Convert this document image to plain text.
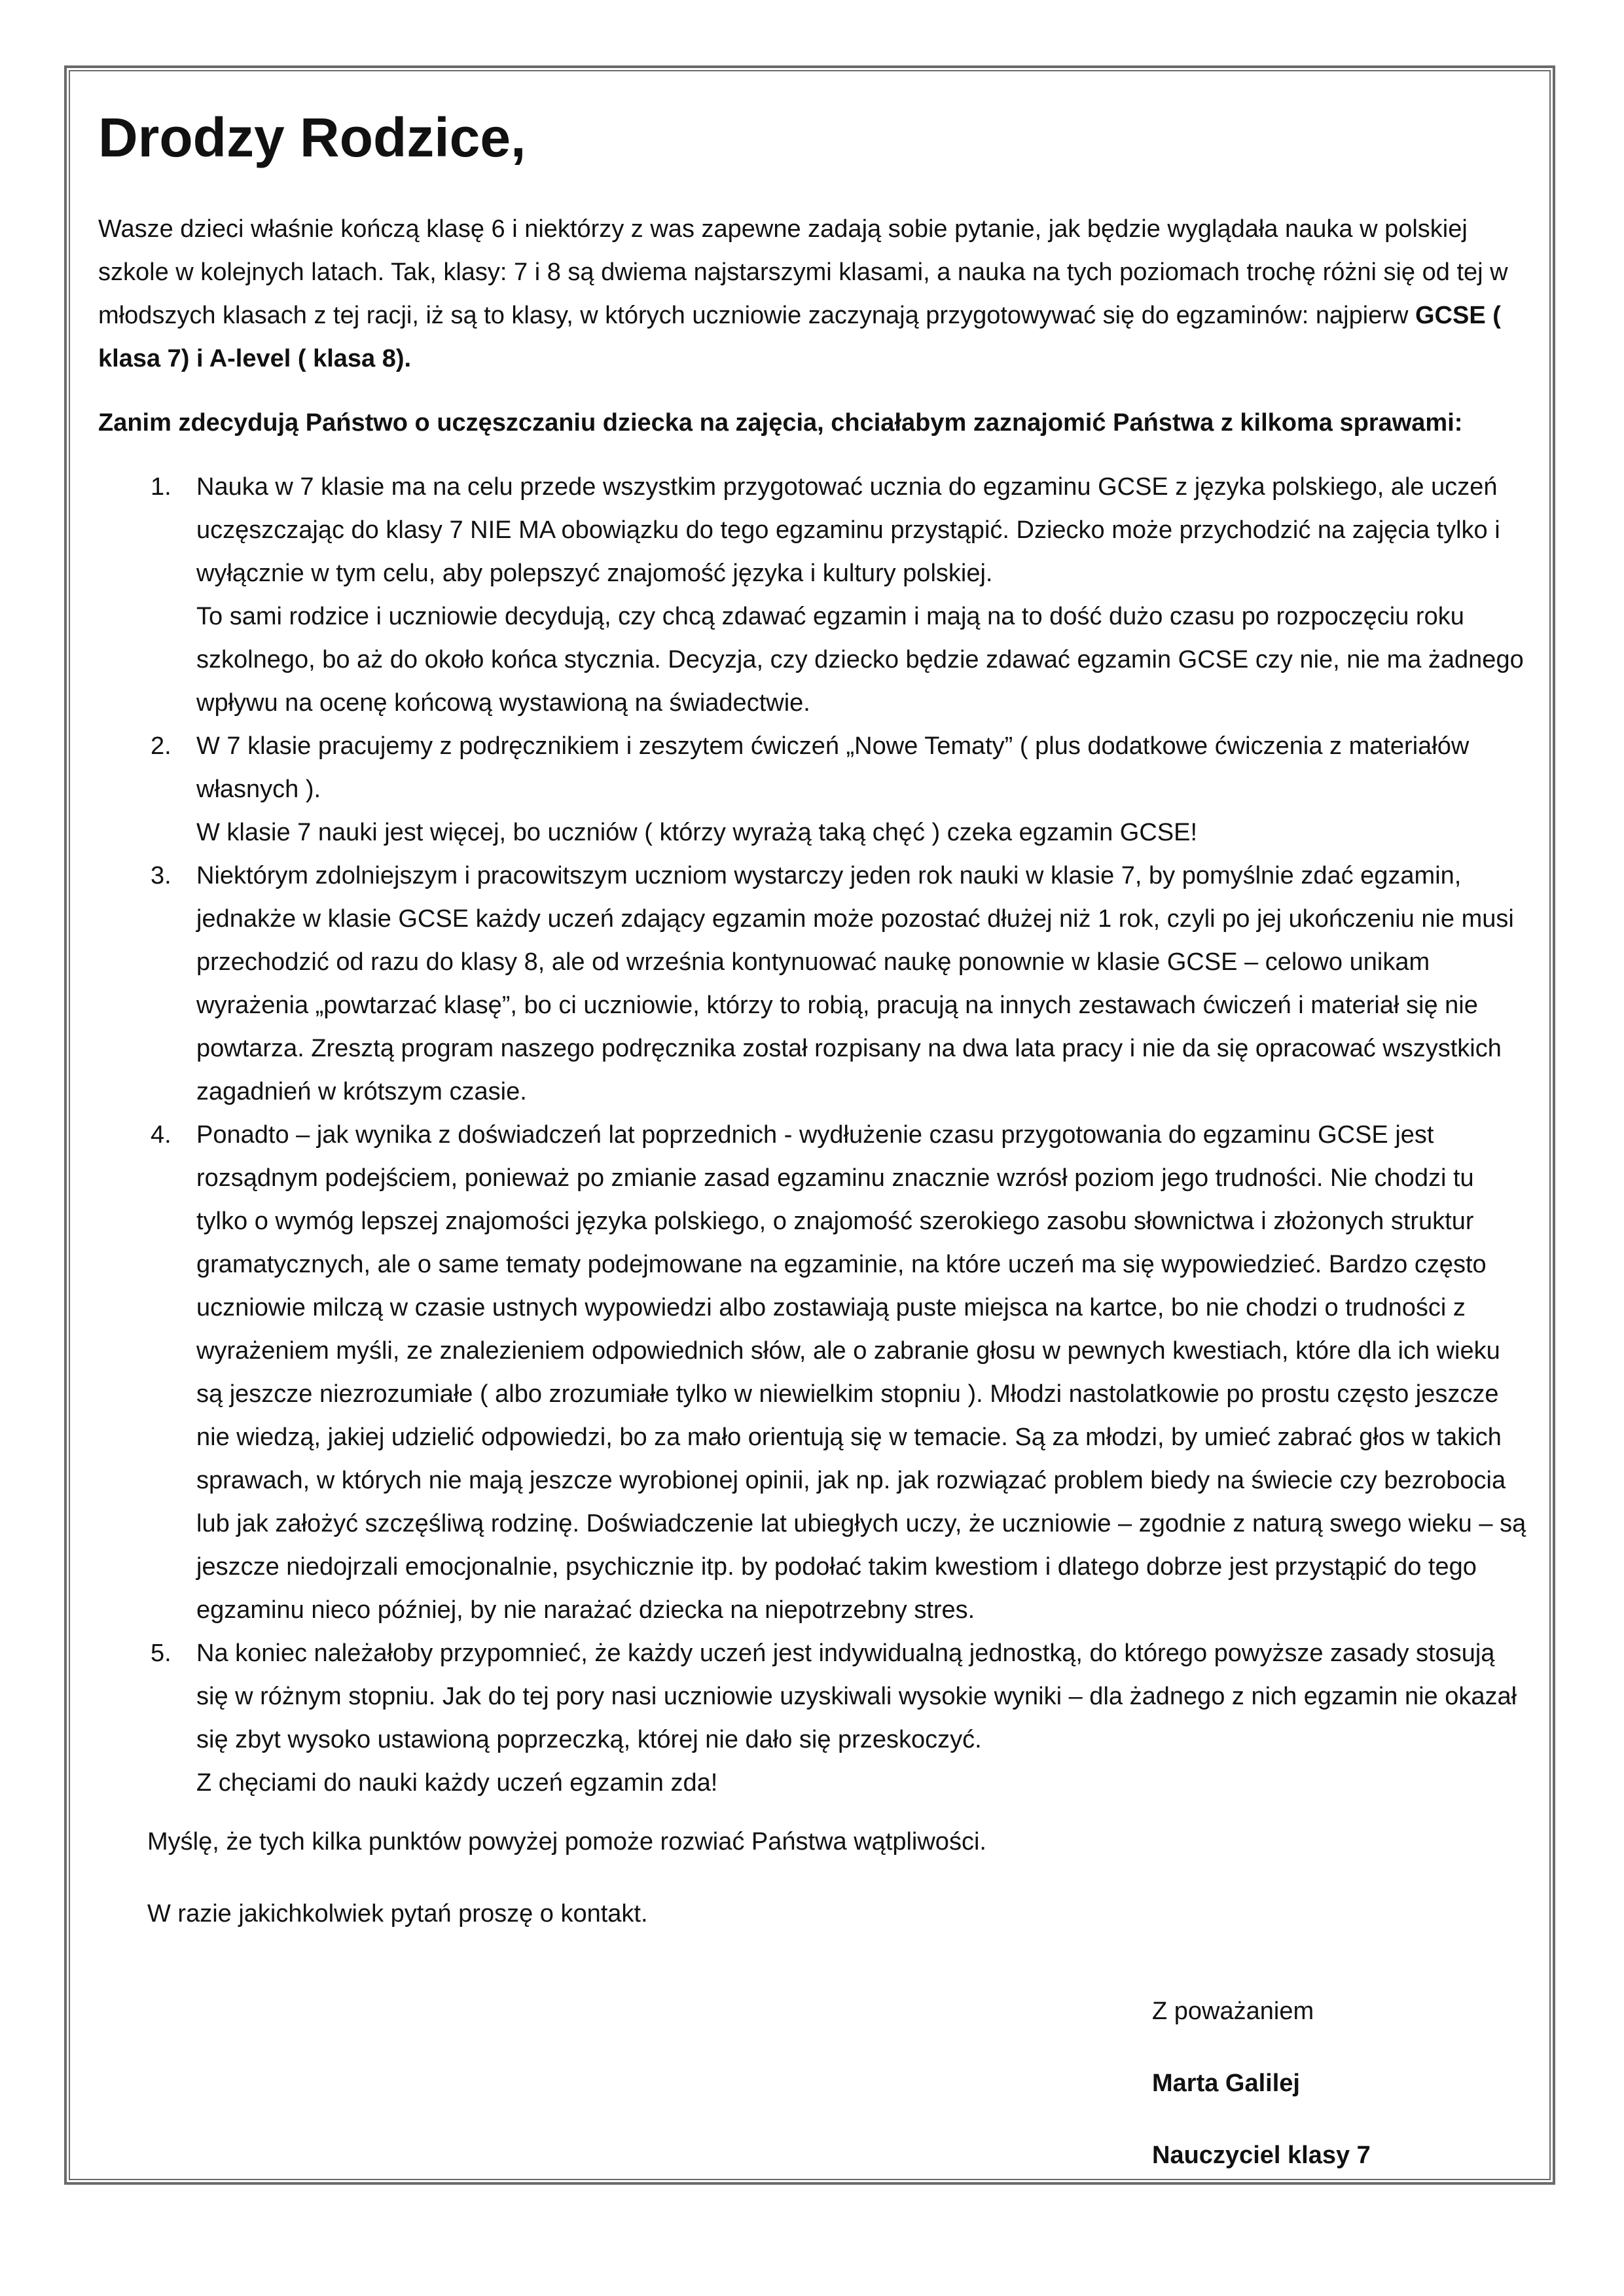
Drodzy Rodzice,

Wasze dzieci właśnie kończą klasę 6 i niektórzy z was zapewne zadają sobie pytanie, jak będzie wyglądała nauka w polskiej szkole w kolejnych latach. Tak, klasy: 7 i 8 są dwiema najstarszymi klasami, a nauka na tych poziomach trochę różni się od tej w młodszych klasach z tej racji, iż są to klasy, w których uczniowie zaczynają przygotowywać się do egzaminów: najpierw GCSE ( klasa 7) i A-level ( klasa 8).

Zanim zdecydują Państwo o uczęszczaniu dziecka na zajęcia, chciałabym zaznajomić Państwa z kilkoma sprawami:

1. Nauka w 7 klasie ma na celu przede wszystkim przygotować ucznia do egzaminu GCSE z języka polskiego, ale uczeń uczęszczając do klasy 7 NIE MA obowiązku do tego egzaminu przystąpić. Dziecko może przychodzić na zajęcia tylko i wyłącznie w tym celu, aby polepszyć znajomość języka i kultury polskiej.
To sami rodzice i uczniowie decydują, czy chcą zdawać egzamin i mają na to dość dużo czasu po rozpoczęciu roku szkolnego, bo aż do około końca stycznia. Decyzja, czy dziecko będzie zdawać egzamin GCSE czy nie, nie ma żadnego wpływu na ocenę końcową wystawioną na świadectwie.
2. W 7 klasie pracujemy z podręcznikiem i zeszytem ćwiczeń „Nowe Tematy” ( plus dodatkowe ćwiczenia z materiałów własnych ).
W klasie 7 nauki jest więcej, bo uczniów ( którzy wyrażą taką chęć ) czeka egzamin GCSE!
3. Niektórym zdolniejszym i pracowitszym uczniom wystarczy jeden rok nauki w klasie 7, by pomyślnie zdać egzamin, jednakże w klasie GCSE każdy uczeń zdający egzamin może pozostać dłużej niż 1 rok, czyli po jej ukończeniu nie musi przechodzić od razu do klasy 8, ale od września kontynuować naukę ponownie w klasie GCSE – celowo unikam wyrażenia „powtarzać klasę”, bo ci uczniowie, którzy to robią, pracują na innych zestawach ćwiczeń i materiał się nie powtarza. Zresztą program naszego podręcznika został rozpisany na dwa lata pracy i nie da się opracować wszystkich zagadnień w krótszym czasie.
4. Ponadto – jak wynika z doświadczeń lat poprzednich - wydłużenie czasu przygotowania do egzaminu GCSE jest rozsądnym podejściem, ponieważ po zmianie zasad egzaminu znacznie wzrósł poziom jego trudności. Nie chodzi tu tylko o wymóg lepszej znajomości języka polskiego, o znajomość szerokiego zasobu słownictwa i złożonych struktur gramatycznych, ale o same tematy podejmowane na egzaminie, na które uczeń ma się wypowiedzieć. Bardzo często uczniowie milczą w czasie ustnych wypowiedzi albo zostawiają puste miejsca na kartce, bo nie chodzi o trudności z wyrażeniem myśli, ze znalezieniem odpowiednich słów, ale o zabranie głosu w pewnych kwestiach, które dla ich wieku są jeszcze niezrozumiałe ( albo zrozumiałe tylko w niewielkim stopniu ). Młodzi nastolatkowie po prostu często jeszcze nie wiedzą, jakiej udzielić odpowiedzi, bo za mało orientują się w temacie. Są za młodzi, by umieć zabrać głos w takich sprawach, w których nie mają jeszcze wyrobionej opinii, jak np. jak rozwiązać problem biedy na świecie czy bezrobocia lub jak założyć szczęśliwą rodzinę. Doświadczenie lat ubiegłych uczy, że uczniowie – zgodnie z naturą swego wieku – są jeszcze niedojrzali emocjonalnie, psychicznie itp. by podołać takim kwestiom i dlatego dobrze jest przystąpić do tego egzaminu nieco później, by nie narażać dziecka na niepotrzebny stres.
5. Na koniec należałoby przypomnieć, że każdy uczeń jest indywidualną jednostką, do którego powyższe zasady stosują się w różnym stopniu. Jak do tej pory nasi uczniowie uzyskiwali wysokie wyniki – dla żadnego z nich egzamin nie okazał się zbyt wysoko ustawioną poprzeczką, której nie dało się przeskoczyć.
Z chęciami do nauki każdy uczeń egzamin zda!

Myślę, że tych kilka punktów powyżej pomoże rozwiać Państwa wątpliwości.

W razie jakichkolwiek pytań proszę o kontakt.

Z poważaniem
Marta Galilej
Nauczyciel klasy 7
